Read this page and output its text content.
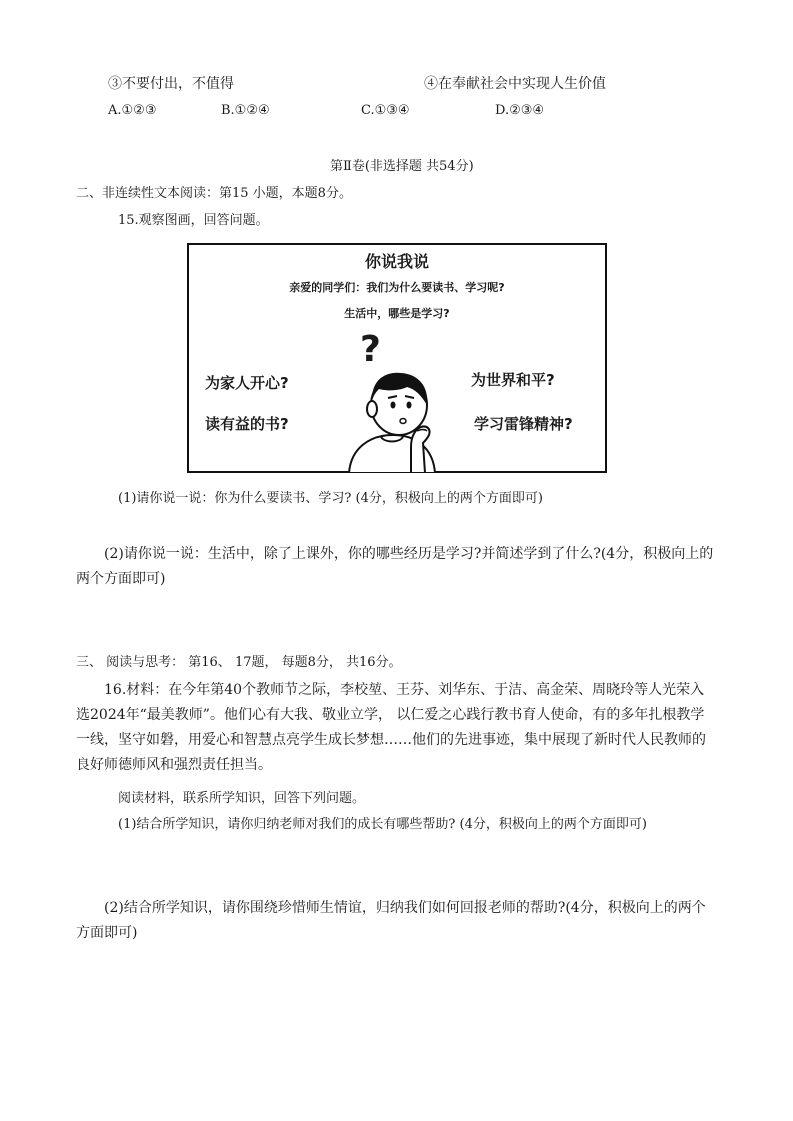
③不要付出，不值得	④在奉献社会中实现人生价值
A.①②③	B.①②④	C.①③④	D.②③④
第Ⅱ卷(非选择题 共54分)
二、非连续性文本阅读：第15 小题，本题8分。
15.观察图画，回答问题。
你说我说
亲爱的同学们：我们为什么要读书、学习呢?
生活中，哪些是学习?
?
为家人开心?
读有益的书?
为世界和平?
学习雷锋精神?
(1)请你说一说：你为什么要读书、学习? (4分，积极向上的两个方面即可)
(2)请你说一说：生活中，除了上课外，你的哪些经历是学习?并简述学到了什么?(4分，积极向上的两个方面即可)
三、 阅读与思考： 第16、 17题， 每题8分， 共16分。
16.材料：在今年第40个教师节之际，李校堃、王芬、刘华东、于洁、高金荣、周晓玲等人光荣入选2024年“最美教师”。他们心有大我、敬业立学， 以仁爱之心践行教书育人使命，有的多年扎根教学一线，坚守如磐，用爱心和智慧点亮学生成长梦想……他们的先进事迹，集中展现了新时代人民教师的良好师德师风和强烈责任担当。
阅读材料，联系所学知识，回答下列问题。
(1)结合所学知识，请你归纳老师对我们的成长有哪些帮助? (4分，积极向上的两个方面即可)
(2)结合所学知识，请你围绕珍惜师生情谊，归纳我们如何回报老师的帮助?(4分，积极向上的两个方面即可)
